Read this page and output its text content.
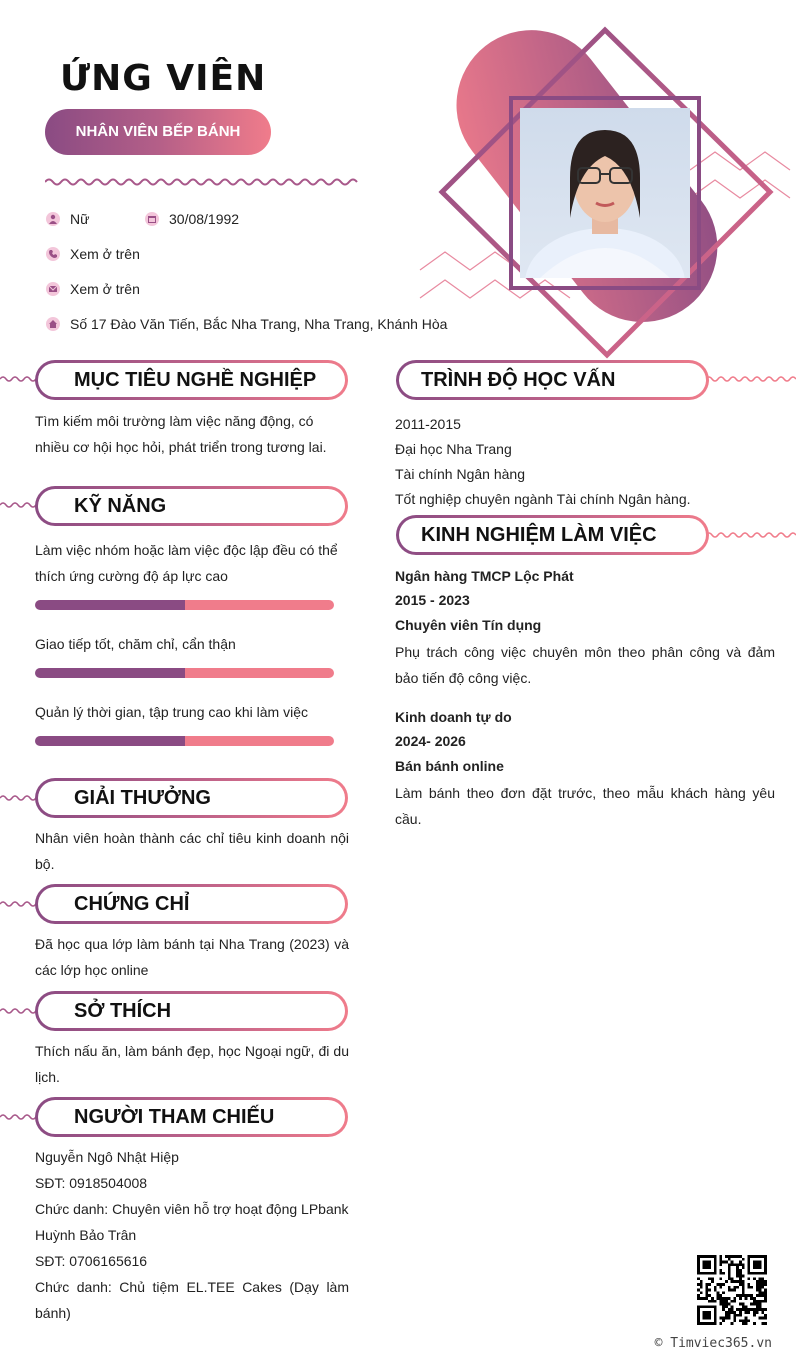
ỨNG VIÊN
NHÂN VIÊN BẾP BÁNH
Nữ	30/08/1992
Xem ở trên
Xem ở trên
Số 17 Đào Văn Tiến, Bắc Nha Trang, Nha Trang, Khánh Hòa
MỤC TIÊU NGHỀ NGHIỆP
Tìm kiếm môi trường làm việc năng động, có nhiều cơ hội học hỏi, phát triển trong tương lai.
KỸ NĂNG
Làm việc nhóm hoặc làm việc độc lập đều có thể thích ứng cường độ áp lực cao
Giao tiếp tốt, chăm chỉ, cẩn thận
Quản lý thời gian, tập trung cao khi làm việc
GIẢI THƯỞNG
Nhân viên hoàn thành các chỉ tiêu kinh doanh nội bộ.
CHỨNG CHỈ
Đã học qua lớp làm bánh tại Nha Trang (2023) và các lớp học online
SỞ THÍCH
Thích nấu ăn, làm bánh đẹp, học Ngoại ngữ, đi du lịch.
NGƯỜI THAM CHIẾU
Nguyễn Ngô Nhật Hiệp
SĐT: 0918504008
Chức danh: Chuyên viên hỗ trợ hoạt động LPbank
Huỳnh Bảo Trân
SĐT: 0706165616
Chức danh: Chủ tiệm EL.TEE Cakes (Dạy làm bánh)
TRÌNH ĐỘ HỌC VẤN
2011-2015
Đại học Nha Trang
Tài chính Ngân hàng
Tốt nghiệp chuyên ngành Tài chính Ngân hàng.
KINH NGHIỆM LÀM VIỆC
Ngân hàng TMCP Lộc Phát
2015 - 2023
Chuyên viên Tín dụng
Phụ trách công việc chuyên môn theo phân công và đảm bảo tiến độ công việc.
Kinh doanh tự do
2024- 2026
Bán bánh online
Làm bánh theo đơn đặt trước, theo mẫu khách hàng yêu cầu.
© Timviec365.vn
